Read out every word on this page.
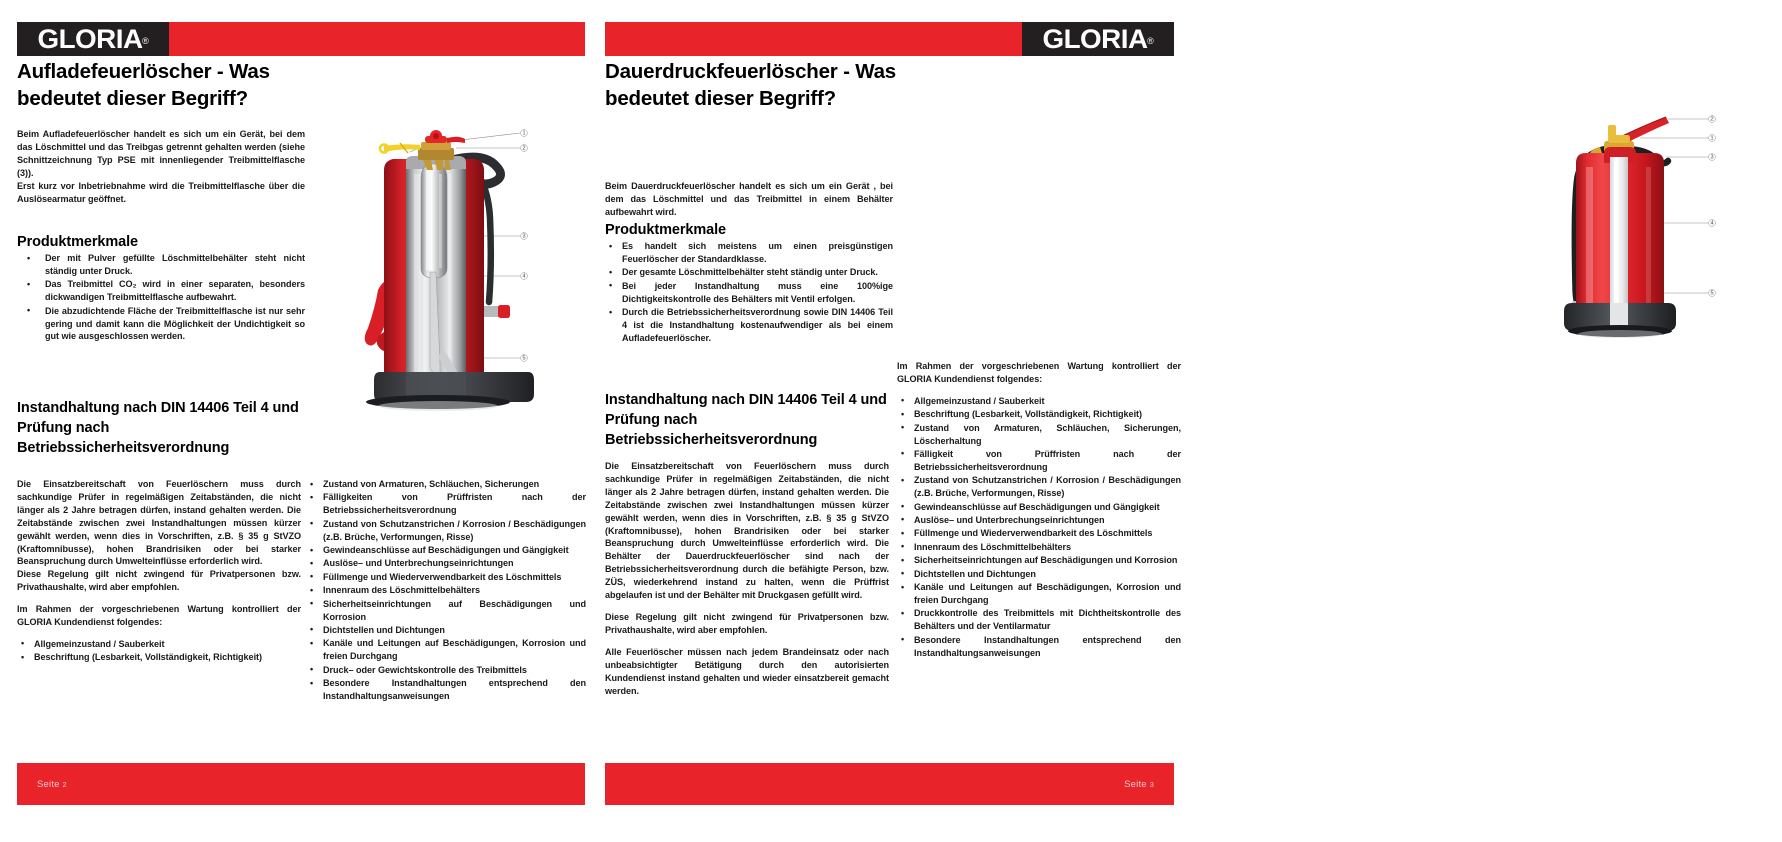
GLORIA ®
Aufladefeuerlöscher - Was bedeutet dieser Begriff?

Beim Aufladefeuerlöscher handelt es sich um ein Gerät, bei dem das Löschmittel und das Treibgas getrennt gehalten werden (siehe Schnittzeichnung Typ PSE mit innenliegender Treibmittelflasche (3)).

Erst kurz vor Inbetriebnahme wird die Treibmittelflasche über die Auslösearmatur geöffnet.

Produktmerkmale
• Der mit Pulver gefüllte Löschmittelbehälter steht nicht ständig unter Druck.
• Das Treibmittel CO₂ wird in einer separaten, besonders dickwandigen Treibmittelflasche aufbewahrt.
• Die abzudichtende Fläche der Treibmittelflasche ist nur sehr gering und damit kann die Möglichkeit der Undichtigkeit so gut wie ausgeschlossen werden.
Instandhaltung nach DIN 14406 Teil 4 und Prüfung nach Betriebssicherheitsverordnung

Die Einsatzbereitschaft von Feuerlöschern muss durch sachkundige Prüfer in regelmäßigen Zeitabständen, die nicht länger als 2 Jahre betragen dürfen, instand gehalten werden. Die Zeitabstände zwischen zwei Instandhaltungen müssen kürzer gewählt werden, wenn dies in Vorschriften, z.B. § 35 g StVZO (Kraftomnibusse), hohen Brandrisiken oder bei starker Beanspruchung durch Umwelteinflüsse erforderlich wird.

Diese Regelung gilt nicht zwingend für Privatpersonen bzw. Privathaushalte, wird aber empfohlen.

Im Rahmen der vorgeschriebenen Wartung kontrolliert der GLORIA Kundendienst folgendes:

• Allgemeinzustand / Sauberkeit
• Beschriftung (Lesbarkeit, Vollständigkeit, Richtigkeit)
• Zustand von Armaturen, Schläuchen, Sicherungen
• Fälligkeiten von Prüffristen nach der Betriebssicherheitsverordnung
• Zustand von Schutzanstrichen / Korrosion / Beschädigungen (z.B. Brüche, Verformungen, Risse)
• Gewindeanschlüsse auf Beschädigungen und Gängigkeit
• Auslöse– und Unterbrechungseinrichtungen
• Füllmenge und Wiederverwendbarkeit des Löschmittels
• Innenraum des Löschmittelbehälters
• Sicherheitseinrichtungen auf Beschädigungen und Korrosion
• Dichtstellen und Dichtungen
• Kanäle und Leitungen auf Beschädigungen, Korrosion und freien Durchgang
• Druck– oder Gewichtskontrolle des Treibmittels
• Besondere Instandhaltungen entsprechend den Instandhaltungsanweisungen
1
2
3
4
5
Seite 2
GLORIA ®
Dauerdruckfeuerlöscher - Was bedeutet dieser Begriff?

Beim Dauerdruckfeuerlöscher handelt es sich um ein Gerät , bei dem das Löschmittel und das Treibmittel in einem Behälter aufbewahrt wird.

Produktmerkmale
• Es handelt sich meistens um einen preisgünstigen Feuerlöscher der Standardklasse.
• Der gesamte Löschmittelbehälter steht ständig unter Druck.
• Bei jeder Instandhaltung muss eine 100%ige Dichtigkeitskontrolle des Behälters mit Ventil erfolgen.
• Durch die Betriebssicherheitsverordnung sowie DIN 14406 Teil 4 ist die Instandhaltung kostenaufwendiger als bei einem Aufladefeuerlöscher.
Instandhaltung nach DIN 14406 Teil 4 und Prüfung nach Betriebssicherheitsverordnung

Die Einsatzbereitschaft von Feuerlöschern muss durch sachkundige Prüfer in regelmäßigen Zeitabständen, die nicht länger als 2 Jahre betragen dürfen, instand gehalten werden. Die Zeitabstände zwischen zwei Instandhaltungen müssen kürzer gewählt werden, wenn dies in Vorschriften, z.B. § 35 g StVZO (Kraftomnibusse), hohen Brandrisiken oder bei starker Beanspruchung durch Umwelteinflüsse erforderlich wird. Die Behälter der Dauerdruckfeuerlöscher sind nach der Betriebssicherheitsverordnung durch die befähigte Person, bzw. ZÜS, wiederkehrend instand zu halten, wenn die Prüffrist abgelaufen ist und der Behälter mit Druckgasen gefüllt wird.

Diese Regelung gilt nicht zwingend für Privatpersonen bzw. Privathaushalte, wird aber empfohlen.

Alle Feuerlöscher müssen nach jedem Brandeinsatz oder nach unbeabsichtigter Betätigung durch den autorisierten Kundendienst instand gehalten und wieder einsatzbereit gemacht werden.

Im Rahmen der vorgeschriebenen Wartung kontrolliert der GLORIA Kundendienst folgendes:

• Allgemeinzustand / Sauberkeit
• Beschriftung (Lesbarkeit, Vollständigkeit, Richtigkeit)
• Zustand von Armaturen, Schläuchen, Sicherungen, Löscherhaltung
• Fälligkeit von Prüffristen nach der Betriebssicherheitsverordnung
• Zustand von Schutzanstrichen / Korrosion / Beschädigungen (z.B. Brüche, Verformungen, Risse)
• Gewindeanschlüsse auf Beschädigungen und Gängigkeit
• Auslöse– und Unterbrechungseinrichtungen
• Füllmenge und Wiederverwendbarkeit des Löschmittels
• Innenraum des Löschmittelbehälters
• Sicherheitseinrichtungen auf Beschädigungen und Korrosion
• Dichtstellen und Dichtungen
• Kanäle und Leitungen auf Beschädigungen, Korrosion und freien Durchgang
• Druckkontrolle des Treibmittels mit Dichtheitskontrolle des Behälters und der Ventilarmatur
• Besondere Instandhaltungen entsprechend den Instandhaltungsanweisungen
2
1
3
4
5
Seite 3
